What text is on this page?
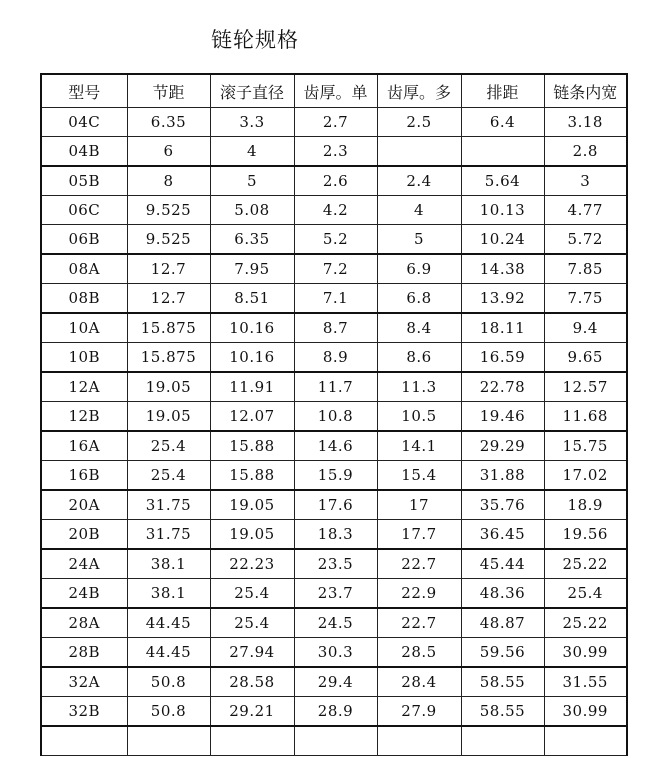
链轮规格
型号	节距	滚子直径	齿厚。单	齿厚。多	排距	链条内宽
04C	6.35	3.3	2.7	2.5	6.4	3.18
04B	6	4	2.3			2.8
05B	8	5	2.6	2.4	5.64	3
06C	9.525	5.08	4.2	4	10.13	4.77
06B	9.525	6.35	5.2	5	10.24	5.72
08A	12.7	7.95	7.2	6.9	14.38	7.85
08B	12.7	8.51	7.1	6.8	13.92	7.75
10A	15.875	10.16	8.7	8.4	18.11	9.4
10B	15.875	10.16	8.9	8.6	16.59	9.65
12A	19.05	11.91	11.7	11.3	22.78	12.57
12B	19.05	12.07	10.8	10.5	19.46	11.68
16A	25.4	15.88	14.6	14.1	29.29	15.75
16B	25.4	15.88	15.9	15.4	31.88	17.02
20A	31.75	19.05	17.6	17	35.76	18.9
20B	31.75	19.05	18.3	17.7	36.45	19.56
24A	38.1	22.23	23.5	22.7	45.44	25.22
24B	38.1	25.4	23.7	22.9	48.36	25.4
28A	44.45	25.4	24.5	22.7	48.87	25.22
28B	44.45	27.94	30.3	28.5	59.56	30.99
32A	50.8	28.58	29.4	28.4	58.55	31.55
32B	50.8	29.21	28.9	27.9	58.55	30.99
